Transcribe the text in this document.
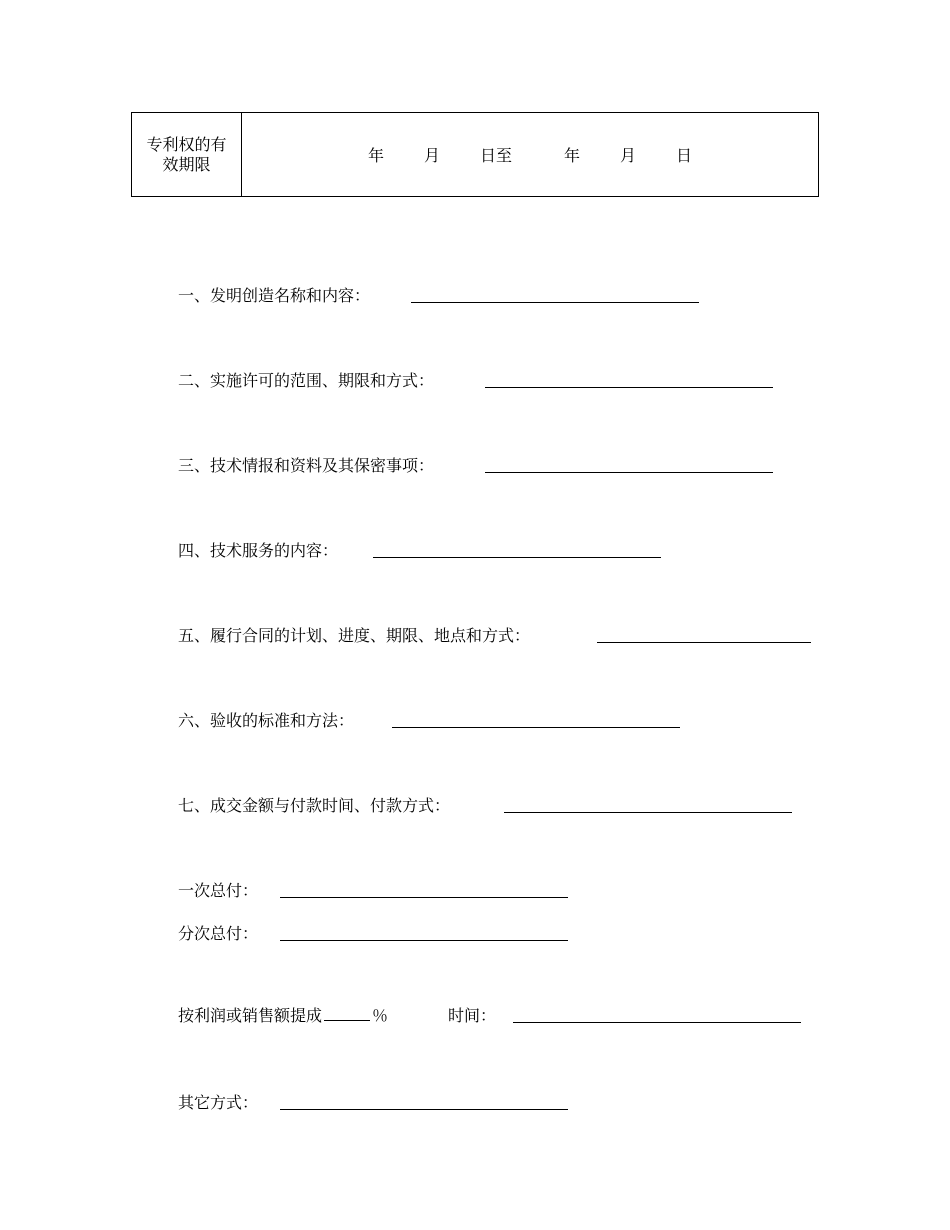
专利权的有
效期限	年 月 日至	年 月 日
一、发明创造名称和内容：
二、实施许可的范围、期限和方式：
三、技术情报和资料及其保密事项：
四、技术服务的内容：
五、履行合同的计划、进度、期限、地点和方式：
六、验收的标准和方法：
七、成交金额与付款时间、付款方式：
一次总付：
分次总付：
按利润或销售额提成	％	时间：
其它方式：
